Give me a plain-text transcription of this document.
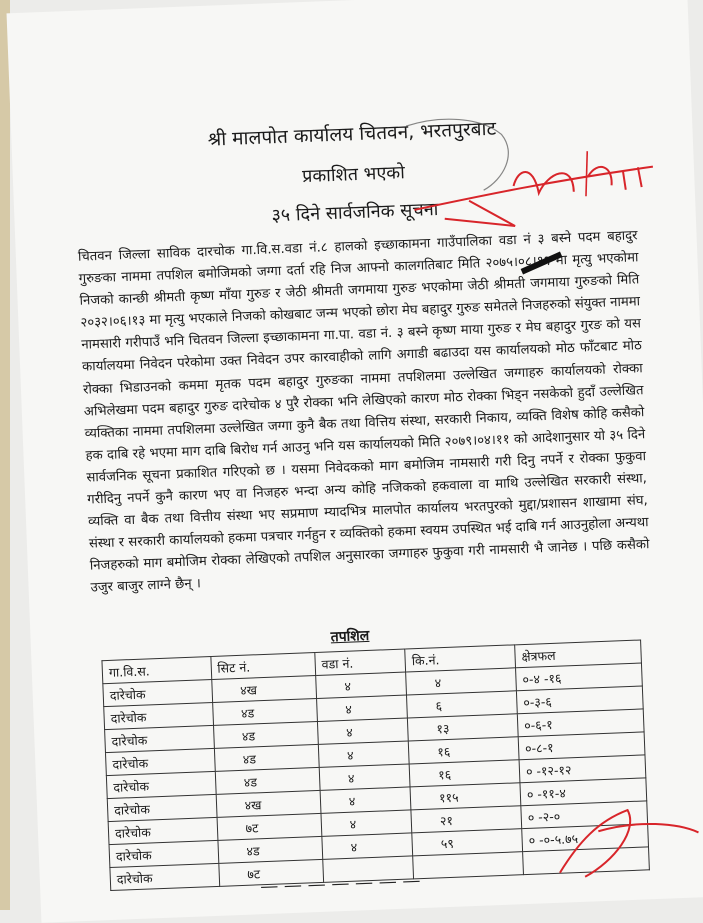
श्री मालपोत कार्यालय चितवन, भरतपुरबाट
प्रकाशित भएको
३५ दिने सार्वजनिक सूचना
चितवन जिल्ला साविक दारचोक गा.वि.स.वडा नं.८ हालको इच्छाकामना गाउँपालिका वडा नं ३ बस्ने पदम बहादुर गुरुङका नाममा तपशिल बमोजिमको जग्गा दर्ता रहि निज आफ्नो कालगतिबाट मिति २०७५।०८।१९ मा मृत्यु भएकोमा निजको कान्छी श्रीमती कृष्ण माँया गुरुङ र जेठी श्रीमती जगमाया गुरुङ भएकोमा जेठी श्रीमती जगमाया गुरुङको मिति २०३२।०६।१३ मा मृत्यु भएकाले निजको कोखबाट जन्म भएको छोरा मेघ बहादुर गुरुङ समेतले निजहरुको संयुक्त नाममा नामसारी गरीपाउँ भनि चितवन जिल्ला इच्छाकामना गा.पा. वडा नं. ३ बस्ने कृष्ण माया गुरुङ र मेघ बहादुर गुरङ को यस कार्यालयमा निवेदन परेकोमा उक्त निवेदन उपर कारवाहीको लागि अगाडी बढाउदा यस कार्यालयको मोठ फाँटबाट मोठ रोक्का भिडाउनको कममा मृतक पदम बहादुर गुरुङका नाममा तपशिलमा उल्लेखित जग्गाहरु कार्यालयको रोक्का अभिलेखमा पदम बहादुर गुरुङ दारेचोक ४ पुरै रोक्का भनि लेखिएको कारण मोठ रोक्का भिड्न नसकेको हुदाँ उल्लेखित व्यक्तिका नाममा तपशिलमा उल्लेखित जग्गा कुनै बैक तथा वित्तिय संस्था, सरकारी निकाय, व्यक्ति विशेष कोहि कसैको हक दाबि रहे भएमा माग दाबि बिरोध गर्न आउनु भनि यस कार्यालयको मिति २०७९।०४।११ को आदेशानुसार यो ३५ दिने सार्वजनिक सूचना प्रकाशित गरिएको छ । यसमा निवेदकको माग बमोजिम नामसारी गरी दिनु नपर्ने र रोक्का फुकुवा गरीदिनु नपर्ने कुनै कारण भए वा निजहरु भन्दा अन्य कोहि नजिकको हकवाला वा माथि उल्लेखित सरकारी संस्था, व्यक्ति वा बैक तथा वित्तीय संस्था भए सप्रमाण म्यादभित्र मालपोत कार्यालय भरतपुरको मुद्दा/प्रशासन शाखामा संघ, संस्था र सरकारी कार्यालयको हकमा पत्रचार गर्नहुन र व्यक्तिको हकमा स्वयम उपस्थित भई दाबि गर्न आउनुहोला अन्यथा निजहरुको माग बमोजिम रोक्का लेखिएको तपशिल अनुसारका जग्गाहरु फुकुवा गरी नामसारी भै जानेछ । पछि कसैको उजुर बाजुर लाग्ने छैन् ।
तपशिल
गा.वि.स.	सिट नं.	वडा नं.	कि.नं.	क्षेत्रफल
दारेचोक	४ख	४	४	०-४ -१६
दारेचोक	४ड	४	६	०-३-६
दारेचोक	४ड	४	१३	०-६-१
दारेचोक	४ड	४	१६	०-८-१
दारेचोक	४ड	४	१६	० -१२-१२
दारेचोक	४ख	४	११५	० -११-४
दारेचोक	७ट	४	२१	० -२-०
दारेचोक	४ड	४	५९	० -०-५.७५
दारेचोक	७ट			— — — — — — —
